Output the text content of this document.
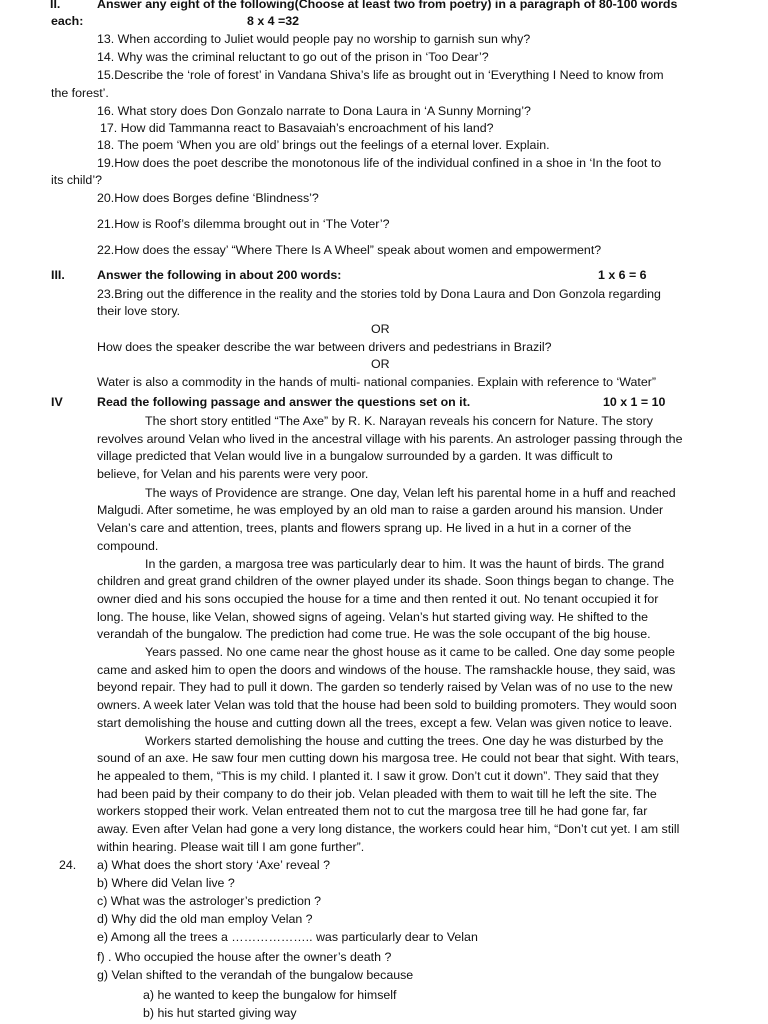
II.	Answer any eight of the following(Choose at least two from poetry) in a paragraph of 80-100 words
each:	8 x 4 =32
13. When according to Juliet would people pay no worship to garnish sun why?
14. Why was the criminal reluctant to go out of the prison in ‘Too Dear’?
15.Describe the ‘role of forest’ in Vandana Shiva’s life as brought out in ‘Everything I Need to know from
the forest’.
16. What story does Don Gonzalo narrate to Dona Laura in ‘A Sunny Morning’?
17. How did Tammanna react to Basavaiah’s encroachment of his land?
18. The poem ‘When you are old’ brings out the feelings of a eternal lover. Explain.
19.How does the poet describe the monotonous life of the individual confined in a shoe in ‘In the foot to
its child’?
20.How does Borges define ‘Blindness’?
21.How is Roof’s dilemma brought out in ‘The Voter’?
22.How does the essay’ “Where There Is A Wheel” speak about women and empowerment?
III.	Answer the following in about 200 words:	1 x 6 = 6
23.Bring out the difference in the reality and the stories told by Dona Laura and Don Gonzola regarding
their love story.
OR
How does the speaker describe the war between drivers and pedestrians in Brazil?
OR
Water is also a commodity in the hands of multi- national companies. Explain with reference to ‘Water”
IV	Read the following passage and answer the questions set on it.	10 x 1 = 10
The short story entitled “The Axe” by R. K. Narayan reveals his concern for Nature. The story
revolves around Velan who lived in the ancestral village with his parents. An astrologer passing through the
village predicted that Velan would live in a bungalow surrounded by a garden. It was difficult to
believe, for Velan and his parents were very poor.
The ways of Providence are strange. One day, Velan left his parental home in a huff and reached
Malgudi. After sometime, he was employed by an old man to raise a garden around his mansion. Under
Velan’s care and attention, trees, plants and flowers sprang up. He lived in a hut in a corner of the
compound.
In the garden, a margosa tree was particularly dear to him. It was the haunt of birds. The grand
children and great grand children of the owner played under its shade. Soon things began to change. The
owner died and his sons occupied the house for a time and then rented it out. No tenant occupied it for
long. The house, like Velan, showed signs of ageing. Velan’s hut started giving way. He shifted to the
verandah of the bungalow. The prediction had come true. He was the sole occupant of the big house.
Years passed. No one came near the ghost house as it came to be called. One day some people
came and asked him to open the doors and windows of the house. The ramshackle house, they said, was
beyond repair. They had to pull it down. The garden so tenderly raised by Velan was of no use to the new
owners. A week later Velan was told that the house had been sold to building promoters. They would soon
start demolishing the house and cutting down all the trees, except a few. Velan was given notice to leave.
Workers started demolishing the house and cutting the trees. One day he was disturbed by the
sound of an axe. He saw four men cutting down his margosa tree. He could not bear that sight. With tears,
he appealed to them, “This is my child. I planted it. I saw it grow. Don’t cut it down”. They said that they
had been paid by their company to do their job. Velan pleaded with them to wait till he left the site. The
workers stopped their work. Velan entreated them not to cut the margosa tree till he had gone far, far
away. Even after Velan had gone a very long distance, the workers could hear him, “Don’t cut yet. I am still
within hearing. Please wait till I am gone further”.
24. a) What does the short story ‘Axe’ reveal ?
b) Where did Velan live ?
c) What was the astrologer’s prediction ?
d) Why did the old man employ Velan ?
e) Among all the trees a ……………….. was particularly dear to Velan
f) . Who occupied the house after the owner’s death ?
g) Velan shifted to the verandah of the bungalow because
a) he wanted to keep the bungalow for himself
b) his hut started giving way
